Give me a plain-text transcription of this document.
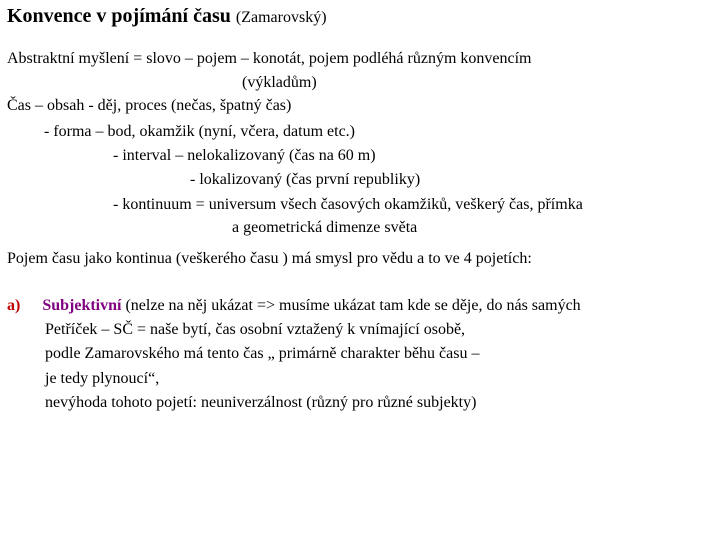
Konvence v pojímání času (Zamarovský)
Abstraktní myšlení = slovo – pojem – konotát, pojem podléhá různým konvencím
(výkladům)
Čas – obsah - děj, proces (nečas, špatný čas)
- forma – bod, okamžik (nyní, včera, datum etc.)
- interval – nelokalizovaný (čas na 60 m)
- lokalizovaný (čas první republiky)
- kontinuum = universum všech časových okamžiků, veškerý čas, přímka
a geometrická dimenze světa
Pojem času jako kontinua (veškerého času ) má smysl pro vědu a to ve 4 pojetích:
a) Subjektivní (nelze na něj ukázat => musíme ukázat tam kde se děje, do nás samých
Petříček – SČ = naše bytí, čas osobní vztažený k vnímající osobě,
podle Zamarovského má tento čas „ primárně charakter běhu času –
je tedy plynoucí“,
nevýhoda tohoto pojetí: neuniverzálnost (různý pro různé subjekty)
